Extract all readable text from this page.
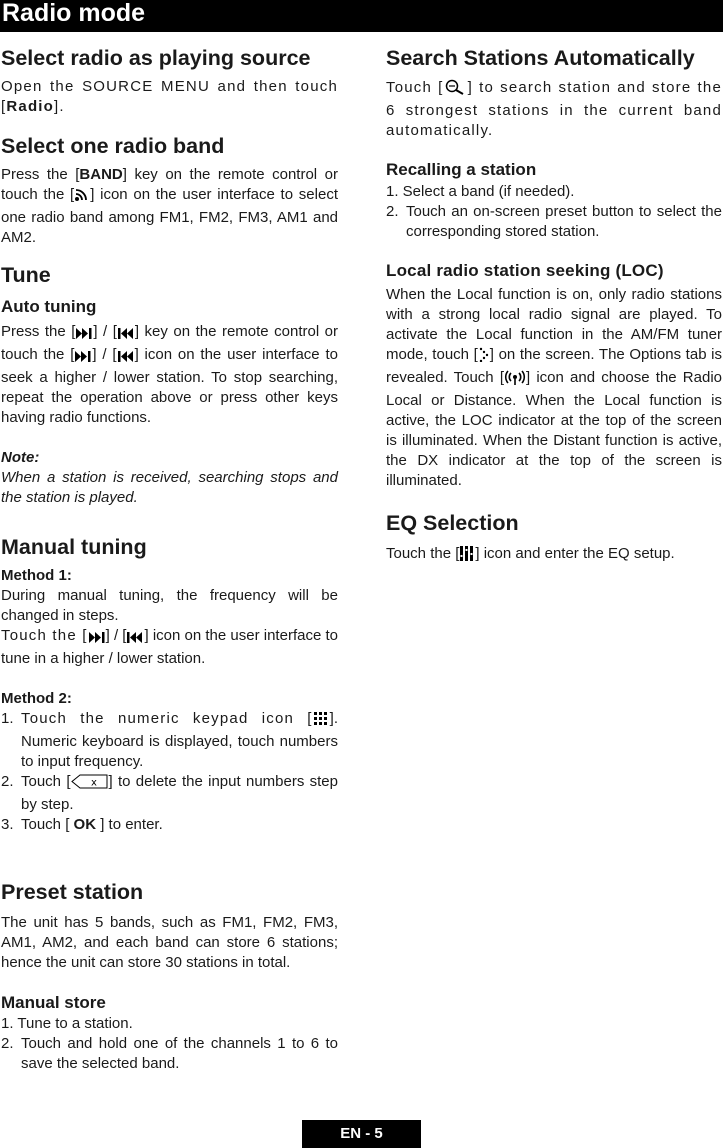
Radio mode
Select radio as playing source

Open the SOURCE MENU and then touch [Radio].

Select one radio band

Press the [BAND] key on the remote control or touch the [ ] icon on the user interface to select one radio band among FM1, FM2, FM3, AM1 and AM2.

Tune
Auto tuning

Press the [ ] / [ ] key on the remote control or touch the [ ] / [ ] icon on the user interface to seek a higher / lower station. To stop searching, repeat the operation above or press other keys having radio functions.

Note:

When a station is received, searching stops and the station is played.

Manual tuning
Method 1:

During manual tuning, the frequency will be changed in steps.

Touch the [ ] / [ ] icon on the user interface to tune in a higher / lower station.

Method 2:
1. Touch the numeric keypad icon [ ]. Numeric keyboard is displayed, touch numbers to input frequency.
2. Touch [ x ] to delete the input numbers step by step.
3. Touch [ OK ] to enter.
Preset station

The unit has 5 bands, such as FM1, FM2, FM3, AM1, AM2, and each band can store 6 stations; hence the unit can store 30 stations in total.

Manual store

1. Tune to a station.

2. Touch and hold one of the channels 1 to 6 to save the selected band.
Search Stations Automatically

Touch [ ] to search station and store the 6 strongest stations in the current band automatically.

Recalling a station

1. Select a band (if needed).

2. Touch an on-screen preset button to select the corresponding stored station.
Local radio station seeking (LOC)

When the Local function is on, only radio stations with a strong local radio signal are played. To activate the Local function in the AM/FM tuner mode, touch [ ] on the screen. The Options tab is revealed. Touch [ ] icon and choose the Radio Local or Distance. When the Local function is active, the LOC indicator at the top of the screen is illuminated. When the Distant function is active, the DX indicator at the top of the screen is illuminated.

EQ Selection

Touch the [ ] icon and enter the EQ setup.

EN - 5
